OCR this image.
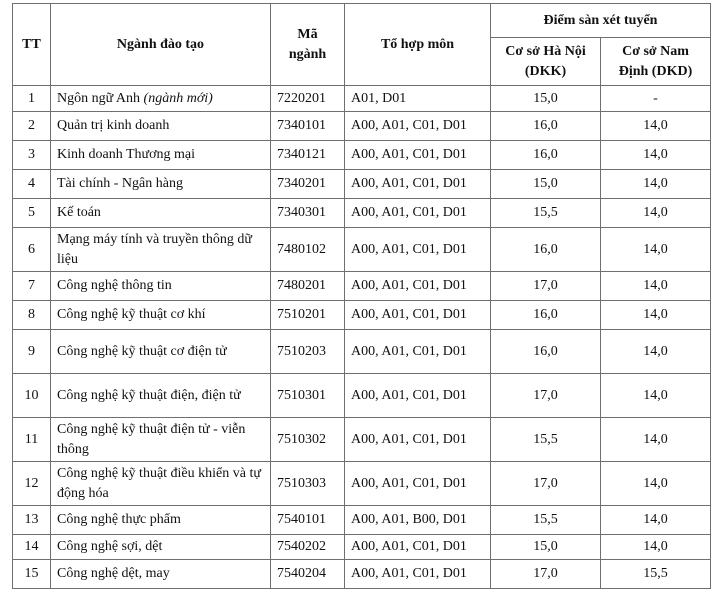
TT	Ngành đào tạo	Mã ngành	Tổ hợp môn	Điểm sàn xét tuyển	
				Cơ sở Hà Nội (DKK)	Cơ sở Nam Định (DKD)
1	Ngôn ngữ Anh (ngành mới)	7220201	A01, D01	15,0	-
2	Quản trị kinh doanh	7340101	A00, A01, C01, D01	16,0	14,0
3	Kinh doanh Thương mại	7340121	A00, A01, C01, D01	16,0	14,0
4	Tài chính - Ngân hàng	7340201	A00, A01, C01, D01	15,0	14,0
5	Kế toán	7340301	A00, A01, C01, D01	15,5	14,0
6	Mạng máy tính và truyền thông dữ liệu	7480102	A00, A01, C01, D01	16,0	14,0
7	Công nghệ thông tin	7480201	A00, A01, C01, D01	17,0	14,0
8	Công nghệ kỹ thuật cơ khí	7510201	A00, A01, C01, D01	16,0	14,0
9	Công nghệ kỹ thuật cơ điện tử	7510203	A00, A01, C01, D01	16,0	14,0
10	Công nghệ kỹ thuật điện, điện tử	7510301	A00, A01, C01, D01	17,0	14,0
11	Công nghệ kỹ thuật điện tử - viễn thông	7510302	A00, A01, C01, D01	15,5	14,0
12	Công nghệ kỹ thuật điều khiển và tự động hóa	7510303	A00, A01, C01, D01	17,0	14,0
13	Công nghệ thực phẩm	7540101	A00, A01, B00, D01	15,5	14,0
14	Công nghệ sợi, dệt	7540202	A00, A01, C01, D01	15,0	14,0
15	Công nghệ dệt, may	7540204	A00, A01, C01, D01	17,0	15,5
